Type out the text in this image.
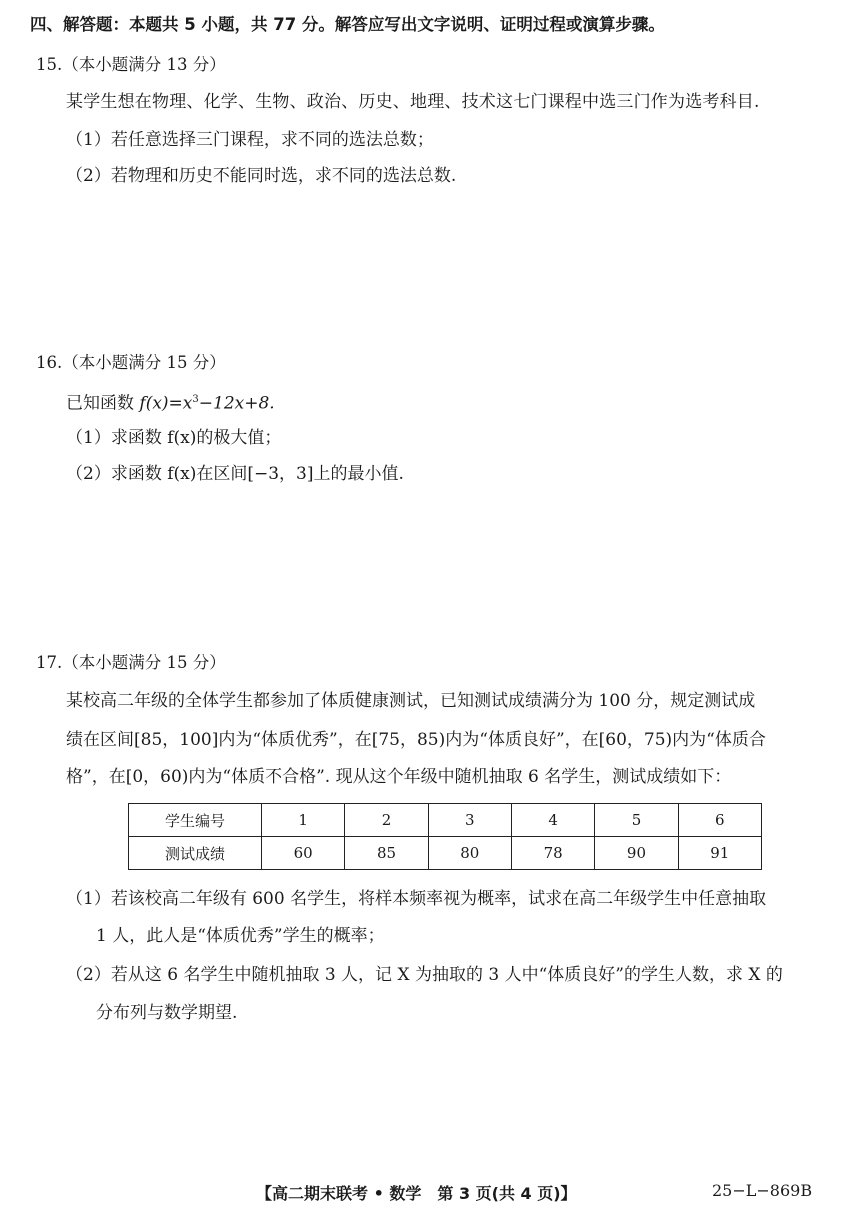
四、解答题：本题共 5 小题，共 77 分。解答应写出文字说明、证明过程或演算步骤。
15.（本小题满分 13 分）
某学生想在物理、化学、生物、政治、历史、地理、技术这七门课程中选三门作为选考科目.
（1）若任意选择三门课程，求不同的选法总数；
（2）若物理和历史不能同时选，求不同的选法总数.
16.（本小题满分 15 分）
已知函数 $f(x)=x^3-12x+8$.
（1）求函数 f(x)的极大值；
（2）求函数 f(x)在区间[−3，3]上的最小值.
17.（本小题满分 15 分）
某校高二年级的全体学生都参加了体质健康测试，已知测试成绩满分为 100 分，规定测试成
绩在区间[85，100]内为“体质优秀”，在[75，85)内为“体质良好”，在[60，75)内为“体质合
格”，在[0，60)内为“体质不合格”. 现从这个年级中随机抽取 6 名学生，测试成绩如下：
学生编号	1	2	3	4	5	6
测试成绩	60	85	80	78	90	91
（1）若该校高二年级有 600 名学生，将样本频率视为概率，试求在高二年级学生中任意抽取
1 人，此人是“体质优秀”学生的概率；
（2）若从这 6 名学生中随机抽取 3 人，记 X 为抽取的 3 人中“体质良好”的学生人数，求 X 的
分布列与数学期望.
【高二期末联考 • 数学　第 3 页(共 4 页)】	25−L−869B
